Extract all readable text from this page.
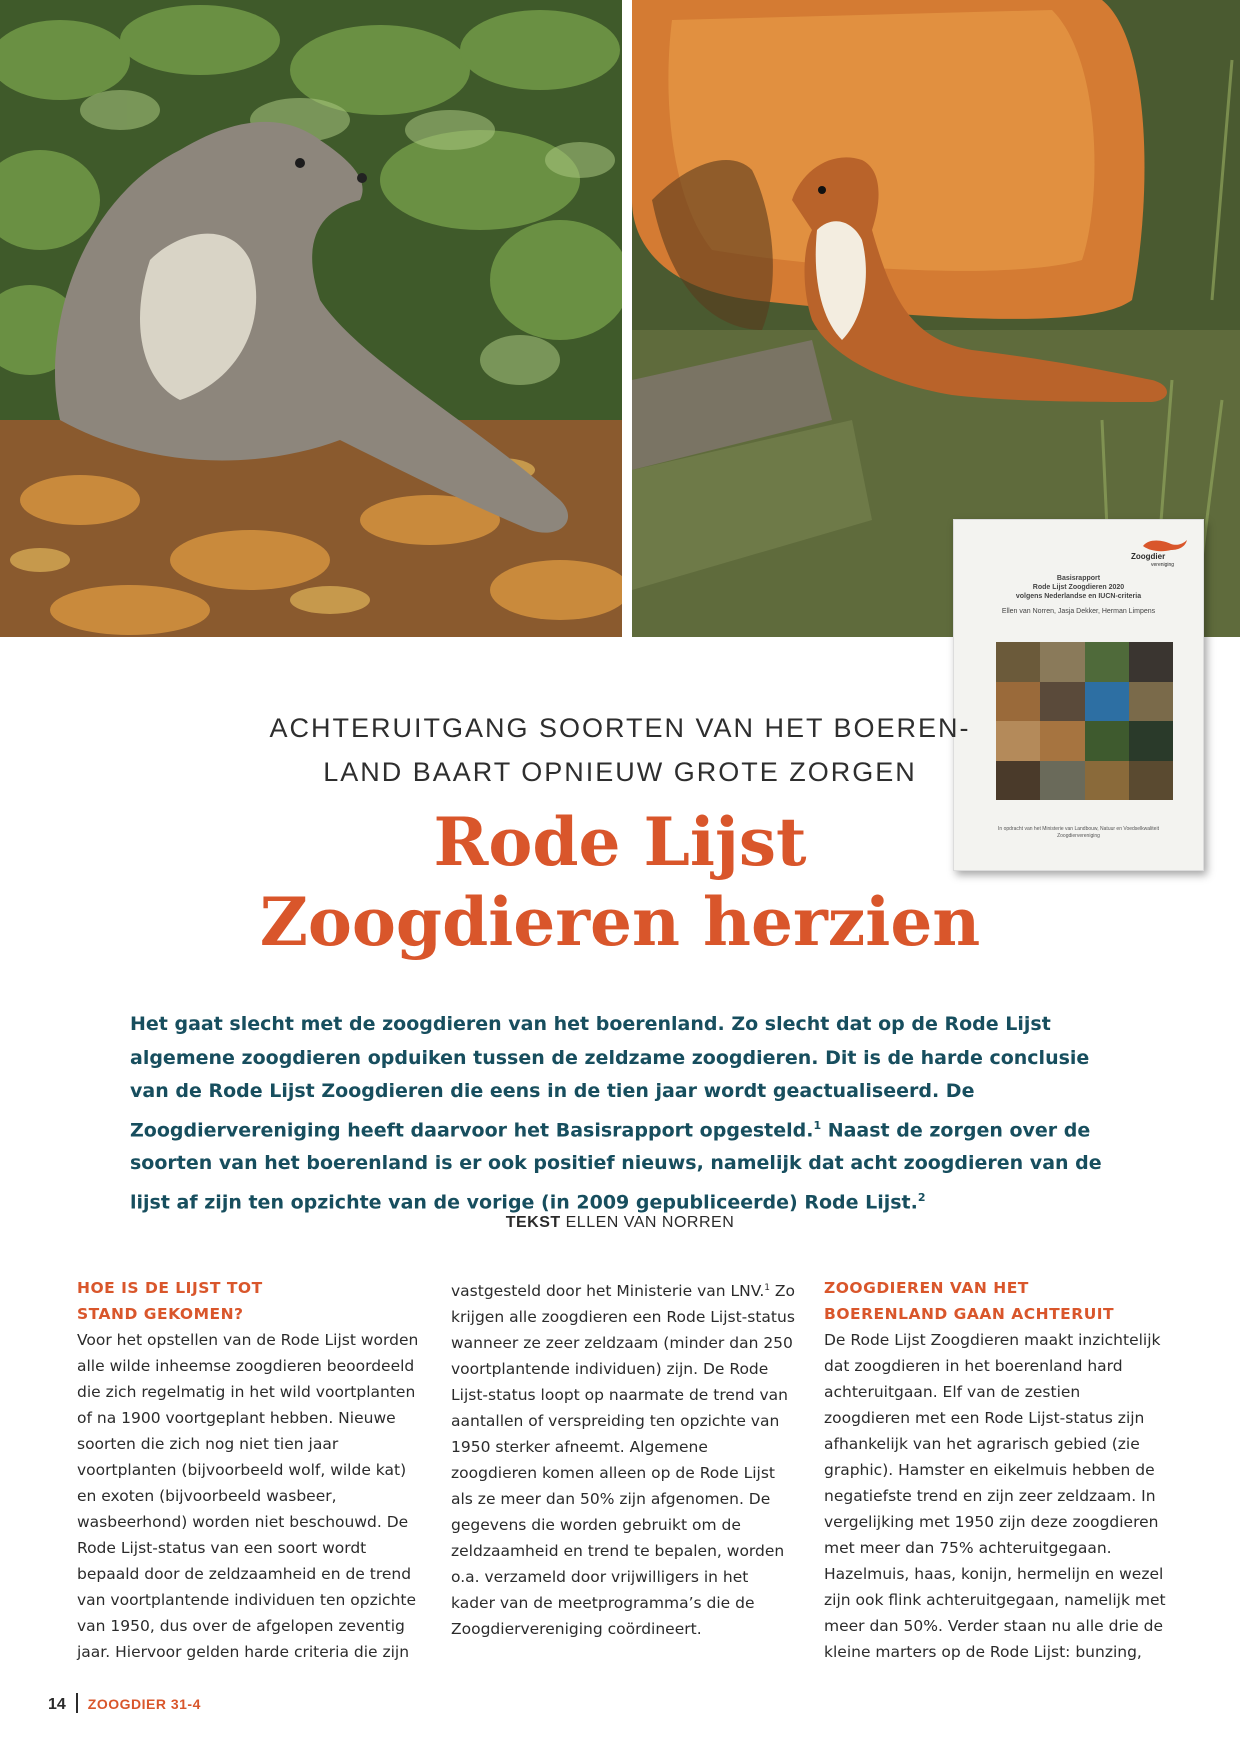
Zoogdier
vereniging
Basisrapport
Rode Lijst Zoogdieren 2020
volgens Nederlandse en IUCN-criteria
Ellen van Norren, Jasja Dekker, Herman Limpens
In opdracht van het Ministerie van Landbouw, Natuur en Voedselkwaliteit
Zoogdiervereniging
ACHTERUITGANG SOORTEN VAN HET BOEREN-
LAND BAART OPNIEUW GROTE ZORGEN
Rode Lijst
Zoogdieren herzien
Het gaat slecht met de zoogdieren van het boerenland. Zo slecht dat op de Rode Lijst algemene zoogdieren opduiken tussen de zeldzame zoogdieren. Dit is de harde conclusie van de Rode Lijst Zoogdieren die eens in de tien jaar wordt geactualiseerd. De Zoogdiervereniging heeft daarvoor het Basisrapport opgesteld.$^1$ Naast de zorgen over de soorten van het boerenland is er ook positief nieuws, namelijk dat acht zoogdieren van de lijst af zijn ten opzichte van de vorige (in 2009 gepubliceerde) Rode Lijst.$^2$
TEKST ELLEN VAN NORREN
HOE IS DE LIJST TOT
STAND GEKOMEN?

Voor het opstellen van de Rode Lijst worden alle wilde inheemse zoogdieren beoordeeld die zich regelmatig in het wild voortplanten of na 1900 voortgeplant hebben. Nieuwe soorten die zich nog niet tien jaar voortplanten (bijvoorbeeld wolf, wilde kat) en exoten (bijvoorbeeld wasbeer, wasbeerhond) worden niet beschouwd. De Rode Lijst-status van een soort wordt bepaald door de zeldzaamheid en de trend van voortplantende individuen ten opzichte van 1950, dus over de afgelopen zeventig jaar. Hiervoor gelden harde criteria die zijn

vastgesteld door het Ministerie van LNV.$^1$ Zo krijgen alle zoogdieren een Rode Lijst-status wanneer ze zeer zeldzaam (minder dan 250 voortplantende individuen) zijn. De Rode Lijst-status loopt op naarmate de trend van aantallen of verspreiding ten opzichte van 1950 sterker afneemt. Algemene zoogdieren komen alleen op de Rode Lijst als ze meer dan 50% zijn afgenomen. De gegevens die worden gebruikt om de zeldzaamheid en trend te bepalen, worden o.a. verzameld door vrijwilligers in het kader van de meetprogramma’s die de Zoogdiervereniging coördineert.

ZOOGDIEREN VAN HET
BOERENLAND GAAN ACHTERUIT

De Rode Lijst Zoogdieren maakt inzichtelijk dat zoogdieren in het boerenland hard achteruitgaan. Elf van de zestien zoogdieren met een Rode Lijst-status zijn afhankelijk van het agrarisch gebied (zie graphic). Hamster en eikelmuis hebben de negatiefste trend en zijn zeer zeldzaam. In vergelijking met 1950 zijn deze zoogdieren met meer dan 75% achteruitgegaan. Hazelmuis, haas, konijn, hermelijn en wezel zijn ook flink achteruitgegaan, namelijk met meer dan 50%. Verder staan nu alle drie de kleine marters op de Rode Lijst: bunzing,

14 ZOOGDIER 31-4
